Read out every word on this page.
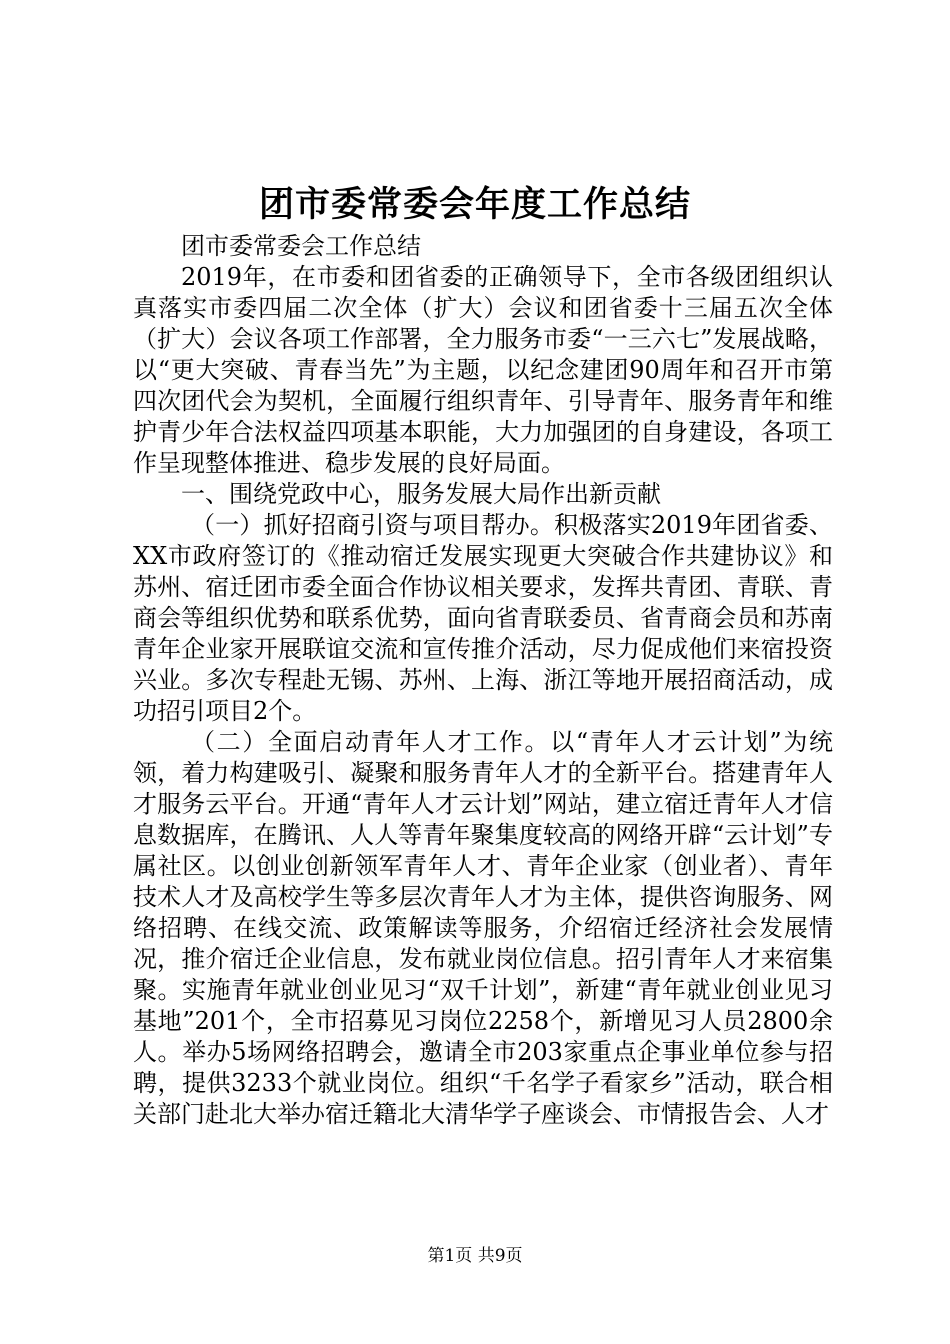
团市委常委会年度工作总结

团市委常委会工作总结

2019年，在市委和团省委的正确领导下，全市各级团组织认真落实市委四届二次全体（扩大）会议和团省委十三届五次全体（扩大）会议各项工作部署，全力服务市委“一三六七”发展战略，以“更大突破、青春当先”为主题，以纪念建团90周年和召开市第四次团代会为契机，全面履行组织青年、引导青年、服务青年和维护青少年合法权益四项基本职能，大力加强团的自身建设，各项工作呈现整体推进、稳步发展的良好局面。

一、围绕党政中心，服务发展大局作出新贡献

（一）抓好招商引资与项目帮办。积极落实2019年团省委、XX市政府签订的《推动宿迁发展实现更大突破合作共建协议》和苏州、宿迁团市委全面合作协议相关要求，发挥共青团、青联、青商会等组织优势和联系优势，面向省青联委员、省青商会员和苏南青年企业家开展联谊交流和宣传推介活动，尽力促成他们来宿投资兴业。多次专程赴无锡、苏州、上海、浙江等地开展招商活动，成功招引项目2个。

（二）全面启动青年人才工作。以“青年人才云计划”为统领，着力构建吸引、凝聚和服务青年人才的全新平台。搭建青年人才服务云平台。开通“青年人才云计划”网站，建立宿迁青年人才信息数据库，在腾讯、人人等青年聚集度较高的网络开辟“云计划”专属社区。以创业创新领军青年人才、青年企业家（创业者）、青年技术人才及高校学生等多层次青年人才为主体，提供咨询服务、网络招聘、在线交流、政策解读等服务，介绍宿迁经济社会发展情况，推介宿迁企业信息，发布就业岗位信息。招引青年人才来宿集聚。实施青年就业创业见习“双千计划”，新建“青年就业创业见习基地”201个，全市招募见习岗位2258个，新增见习人员2800余人。举办5场网络招聘会，邀请全市203家重点企事业单位参与招聘，提供3233个就业岗位。组织“千名学子看家乡”活动，联合相关部门赴北大举办宿迁籍北大清华学子座谈会、市情报告会、人才

第1页 共9页
